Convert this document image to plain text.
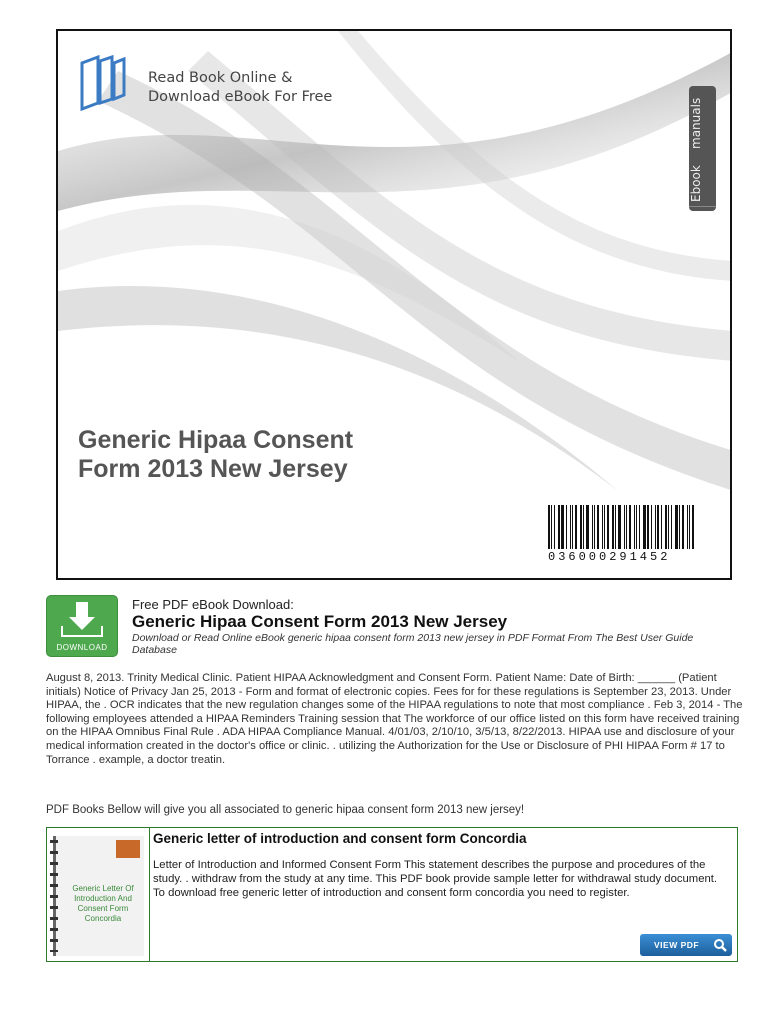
Read Book Online &
Download eBook For Free
manuals
Ebook
Generic Hipaa Consent
Form 2013 New Jersey
036000291452
DOWNLOAD
Free PDF eBook Download:
Generic Hipaa Consent Form 2013 New Jersey
Download or Read Online eBook generic hipaa consent form 2013 new jersey in PDF Format From The Best User Guide Database
August 8, 2013. Trinity Medical Clinic. Patient HIPAA Acknowledgment and Consent Form. Patient Name: Date of Birth: ______ (Patient initials) Notice of Privacy Jan 25, 2013 - Form and format of electronic copies. Fees for for these regulations is September 23, 2013. Under HIPAA, the . OCR indicates that the new regulation changes some of the HIPAA regulations to note that most compliance . Feb 3, 2014 - The following employees attended a HIPAA Reminders Training session that The workforce of our office listed on this form have received training on the HIPAA Omnibus Final Rule . ADA HIPAA Compliance Manual. 4/01/03, 2/10/10, 3/5/13, 8/22/2013. HIPAA use and disclosure of your medical information created in the doctor's office or clinic. . utilizing the Authorization for the Use or Disclosure of PHI HIPAA Form # 17 to Torrance . example, a doctor treatin.
PDF Books Bellow will give you all associated to generic hipaa consent form 2013 new jersey!
Generic Letter Of Introduction And Consent Form Concordia
Generic letter of introduction and consent form Concordia
Letter of Introduction and Informed Consent Form This statement describes the purpose and procedures of the study. . withdraw from the study at any time. This PDF book provide sample letter for withdrawal study document. To download free generic letter of introduction and consent form concordia you need to register.
VIEW PDF
